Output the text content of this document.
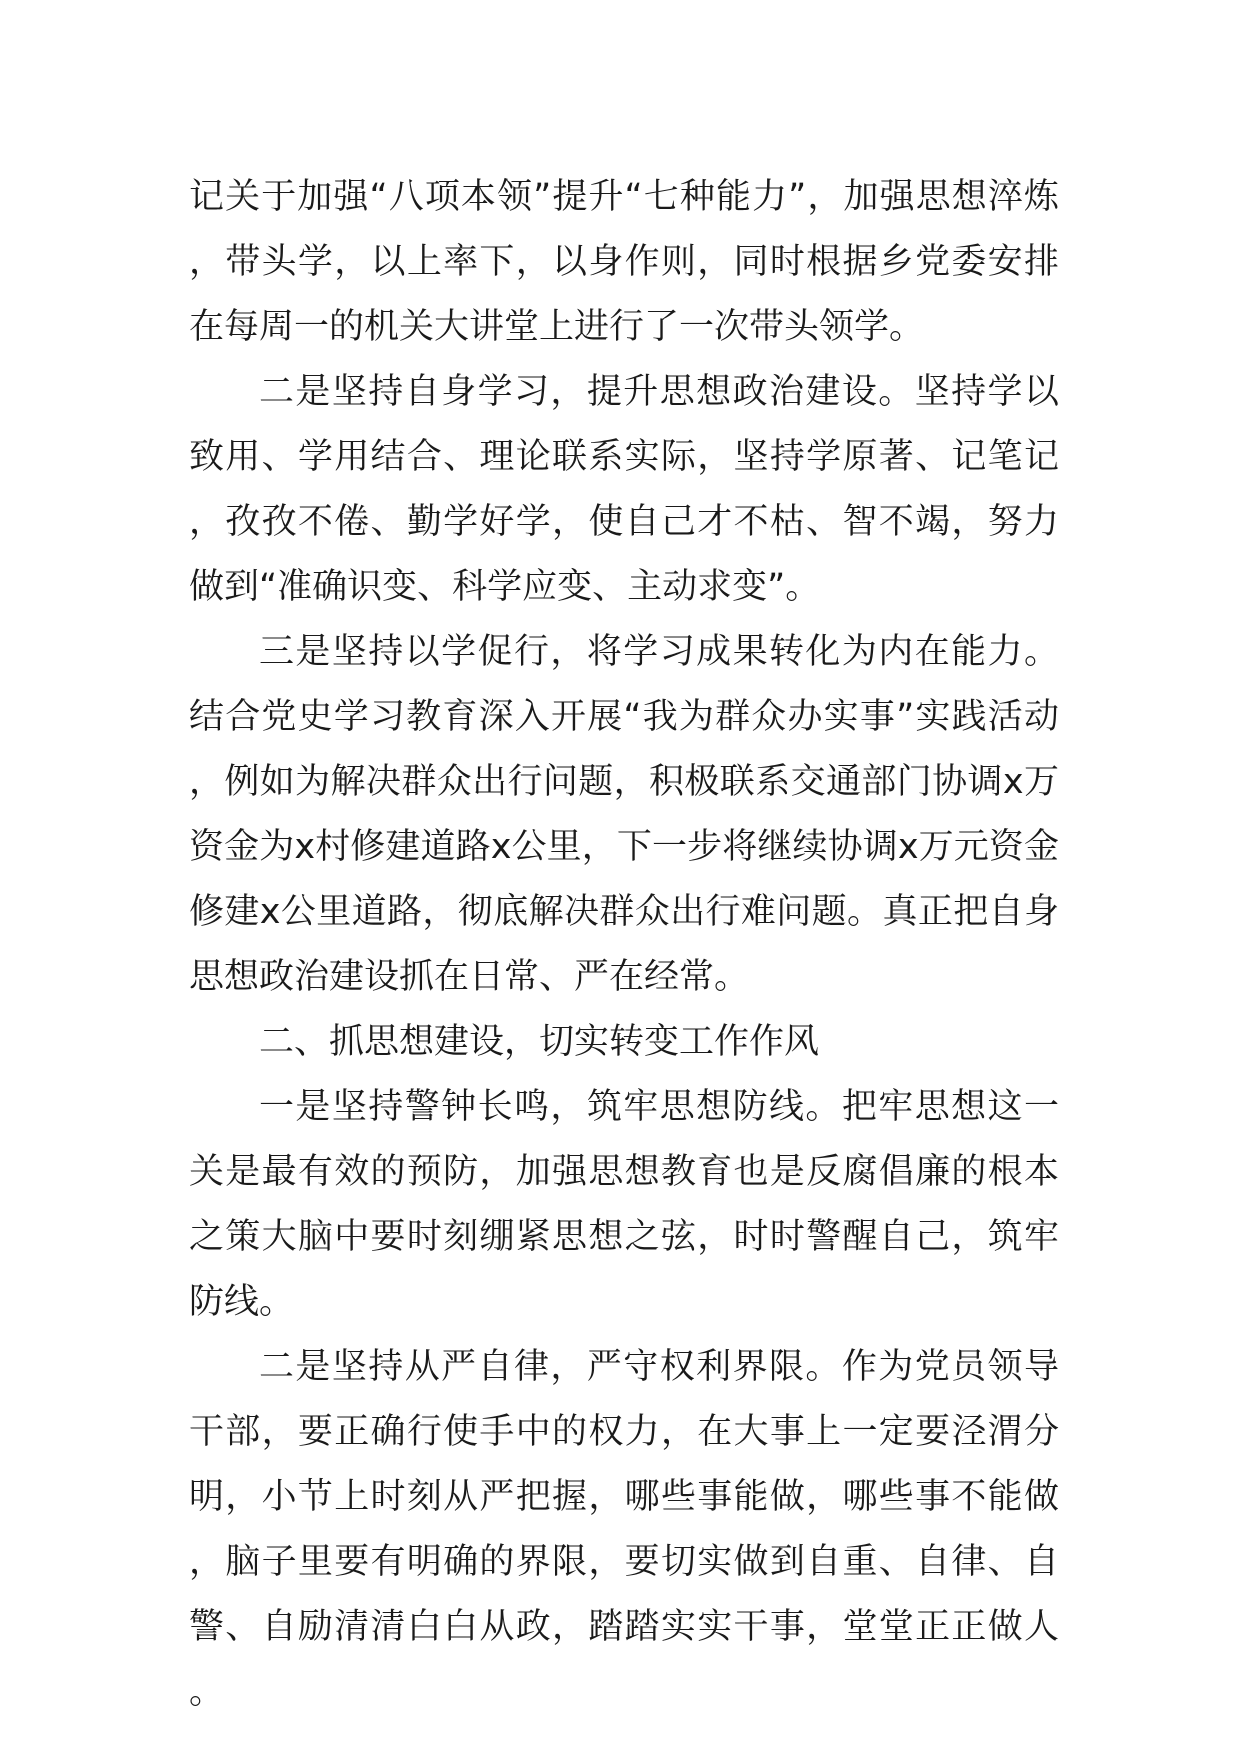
记关于加强“八项本领”提升“七种能力”，加强思想淬炼，带头学，以上率下，以身作则，同时根据乡党委安排在每周一的机关大讲堂上进行了一次带头领学。

二是坚持自身学习，提升思想政治建设。坚持学以致用、学用结合、理论联系实际，坚持学原著、记笔记，孜孜不倦、勤学好学，使自己才不枯、智不竭，努力做到“准确识变、科学应变、主动求变”。

三是坚持以学促行，将学习成果转化为内在能力。结合党史学习教育深入开展“我为群众办实事”实践活动，例如为解决群众出行问题，积极联系交通部门协调x万资金为x村修建道路x公里，下一步将继续协调x万元资金修建x公里道路，彻底解决群众出行难问题。真正把自身思想政治建设抓在日常、严在经常。

二、抓思想建设，切实转变工作作风

一是坚持警钟长鸣，筑牢思想防线。把牢思想这一关是最有效的预防，加强思想教育也是反腐倡廉的根本之策大脑中要时刻绷紧思想之弦，时时警醒自己，筑牢防线。

二是坚持从严自律，严守权利界限。作为党员领导干部，要正确行使手中的权力，在大事上一定要泾渭分明，小节上时刻从严把握，哪些事能做，哪些事不能做，脑子里要有明确的界限，要切实做到自重、自律、自警、自励清清白白从政，踏踏实实干事，堂堂正正做人。
